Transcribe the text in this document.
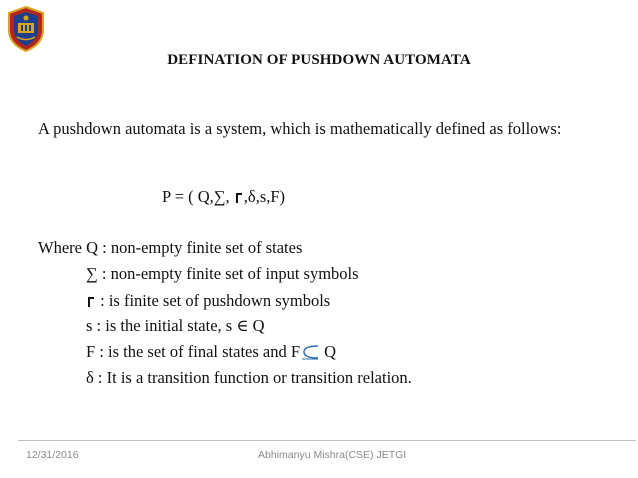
DEFINATION OF PUSHDOWN AUTOMATA
A pushdown automata is a system, which is mathematically defined as follows:
P = ( Q,∑, ,δ,s,F)
Where Q : non-empty finite set of states
∑ : non-empty finite set of input symbols
: is finite set of pushdown symbols
s : is the initial state, s ∈ Q
F : is the set of final states and F Q
δ : It is a transition function or transition relation.
12/31/2016	Abhimanyu Mishra(CSE) JETGI
